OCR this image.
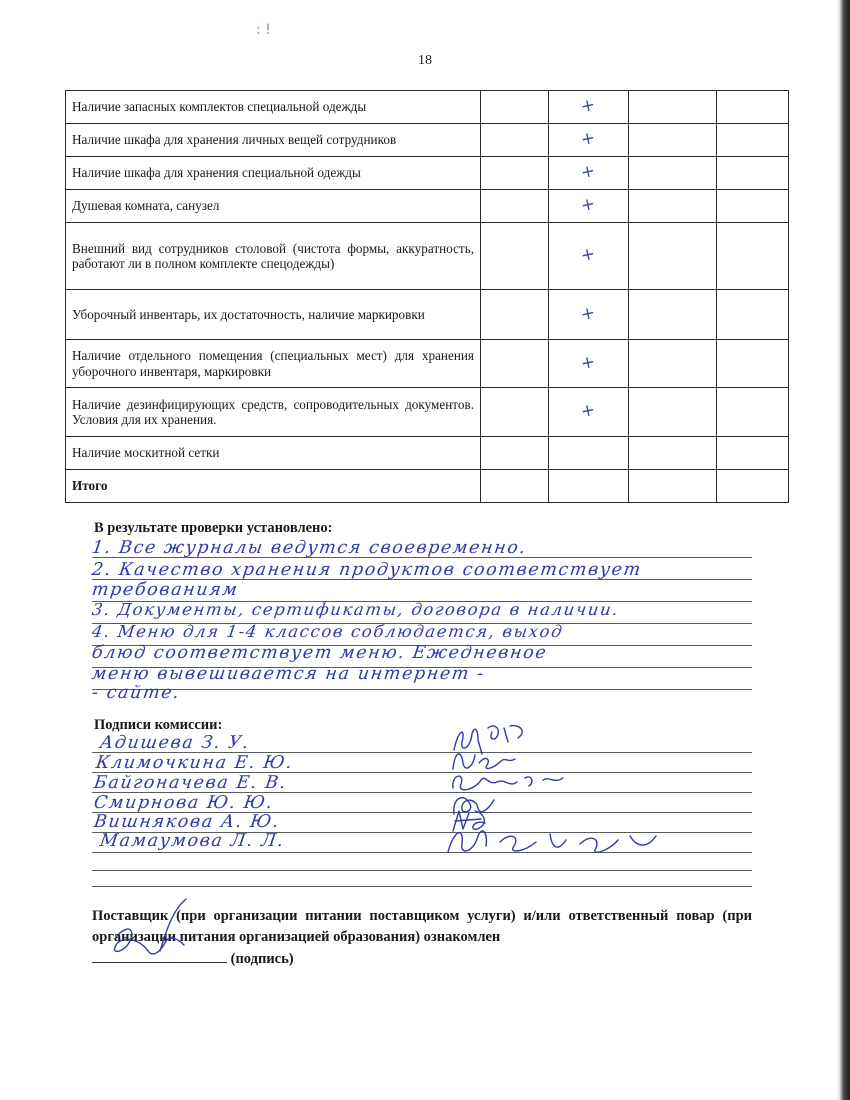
: !
18
Наличие запасных комплектов специальной одежды		+		
Наличие шкафа для хранения личных вещей сотрудников		+		
Наличие шкафа для хранения специальной одежды		+		
Душевая комната, санузел		+		
Внешний вид сотрудников столовой (чистота формы, аккуратность, работают ли в полном комплекте спецодежды)		+		
Уборочный инвентарь, их достаточность, наличие маркировки		+		
Наличие отдельного помещения (специальных мест) для хранения уборочного инвентаря, маркировки		+		
Наличие дезинфицирующих средств, сопроводительных документов. Условия для их хранения.		+		
Наличие москитной сетки				
Итого				
В результате проверки установлено:
1. Все журналы ведутся своевременно.
2. Качество хранения продуктов соответствует
требованиям
3. Документы, сертификаты, договора в наличии.
4. Меню для 1-4 классов соблюдается, выход
блюд соответствует меню. Ежедневное
меню вывешивается на интернет -
- сайте.
Подписи комиссии:
Адишева З. У.
Климочкина Е. Ю.
Байгоначева Е. В.
Смирнова Ю. Ю.
Вишнякова А. Ю.
Мамаумова Л. Л.
Поставщик (при организации питании поставщиком услуги) и/или ответственный повар (при организации питания организацией образования) ознакомлен
(подпись)
